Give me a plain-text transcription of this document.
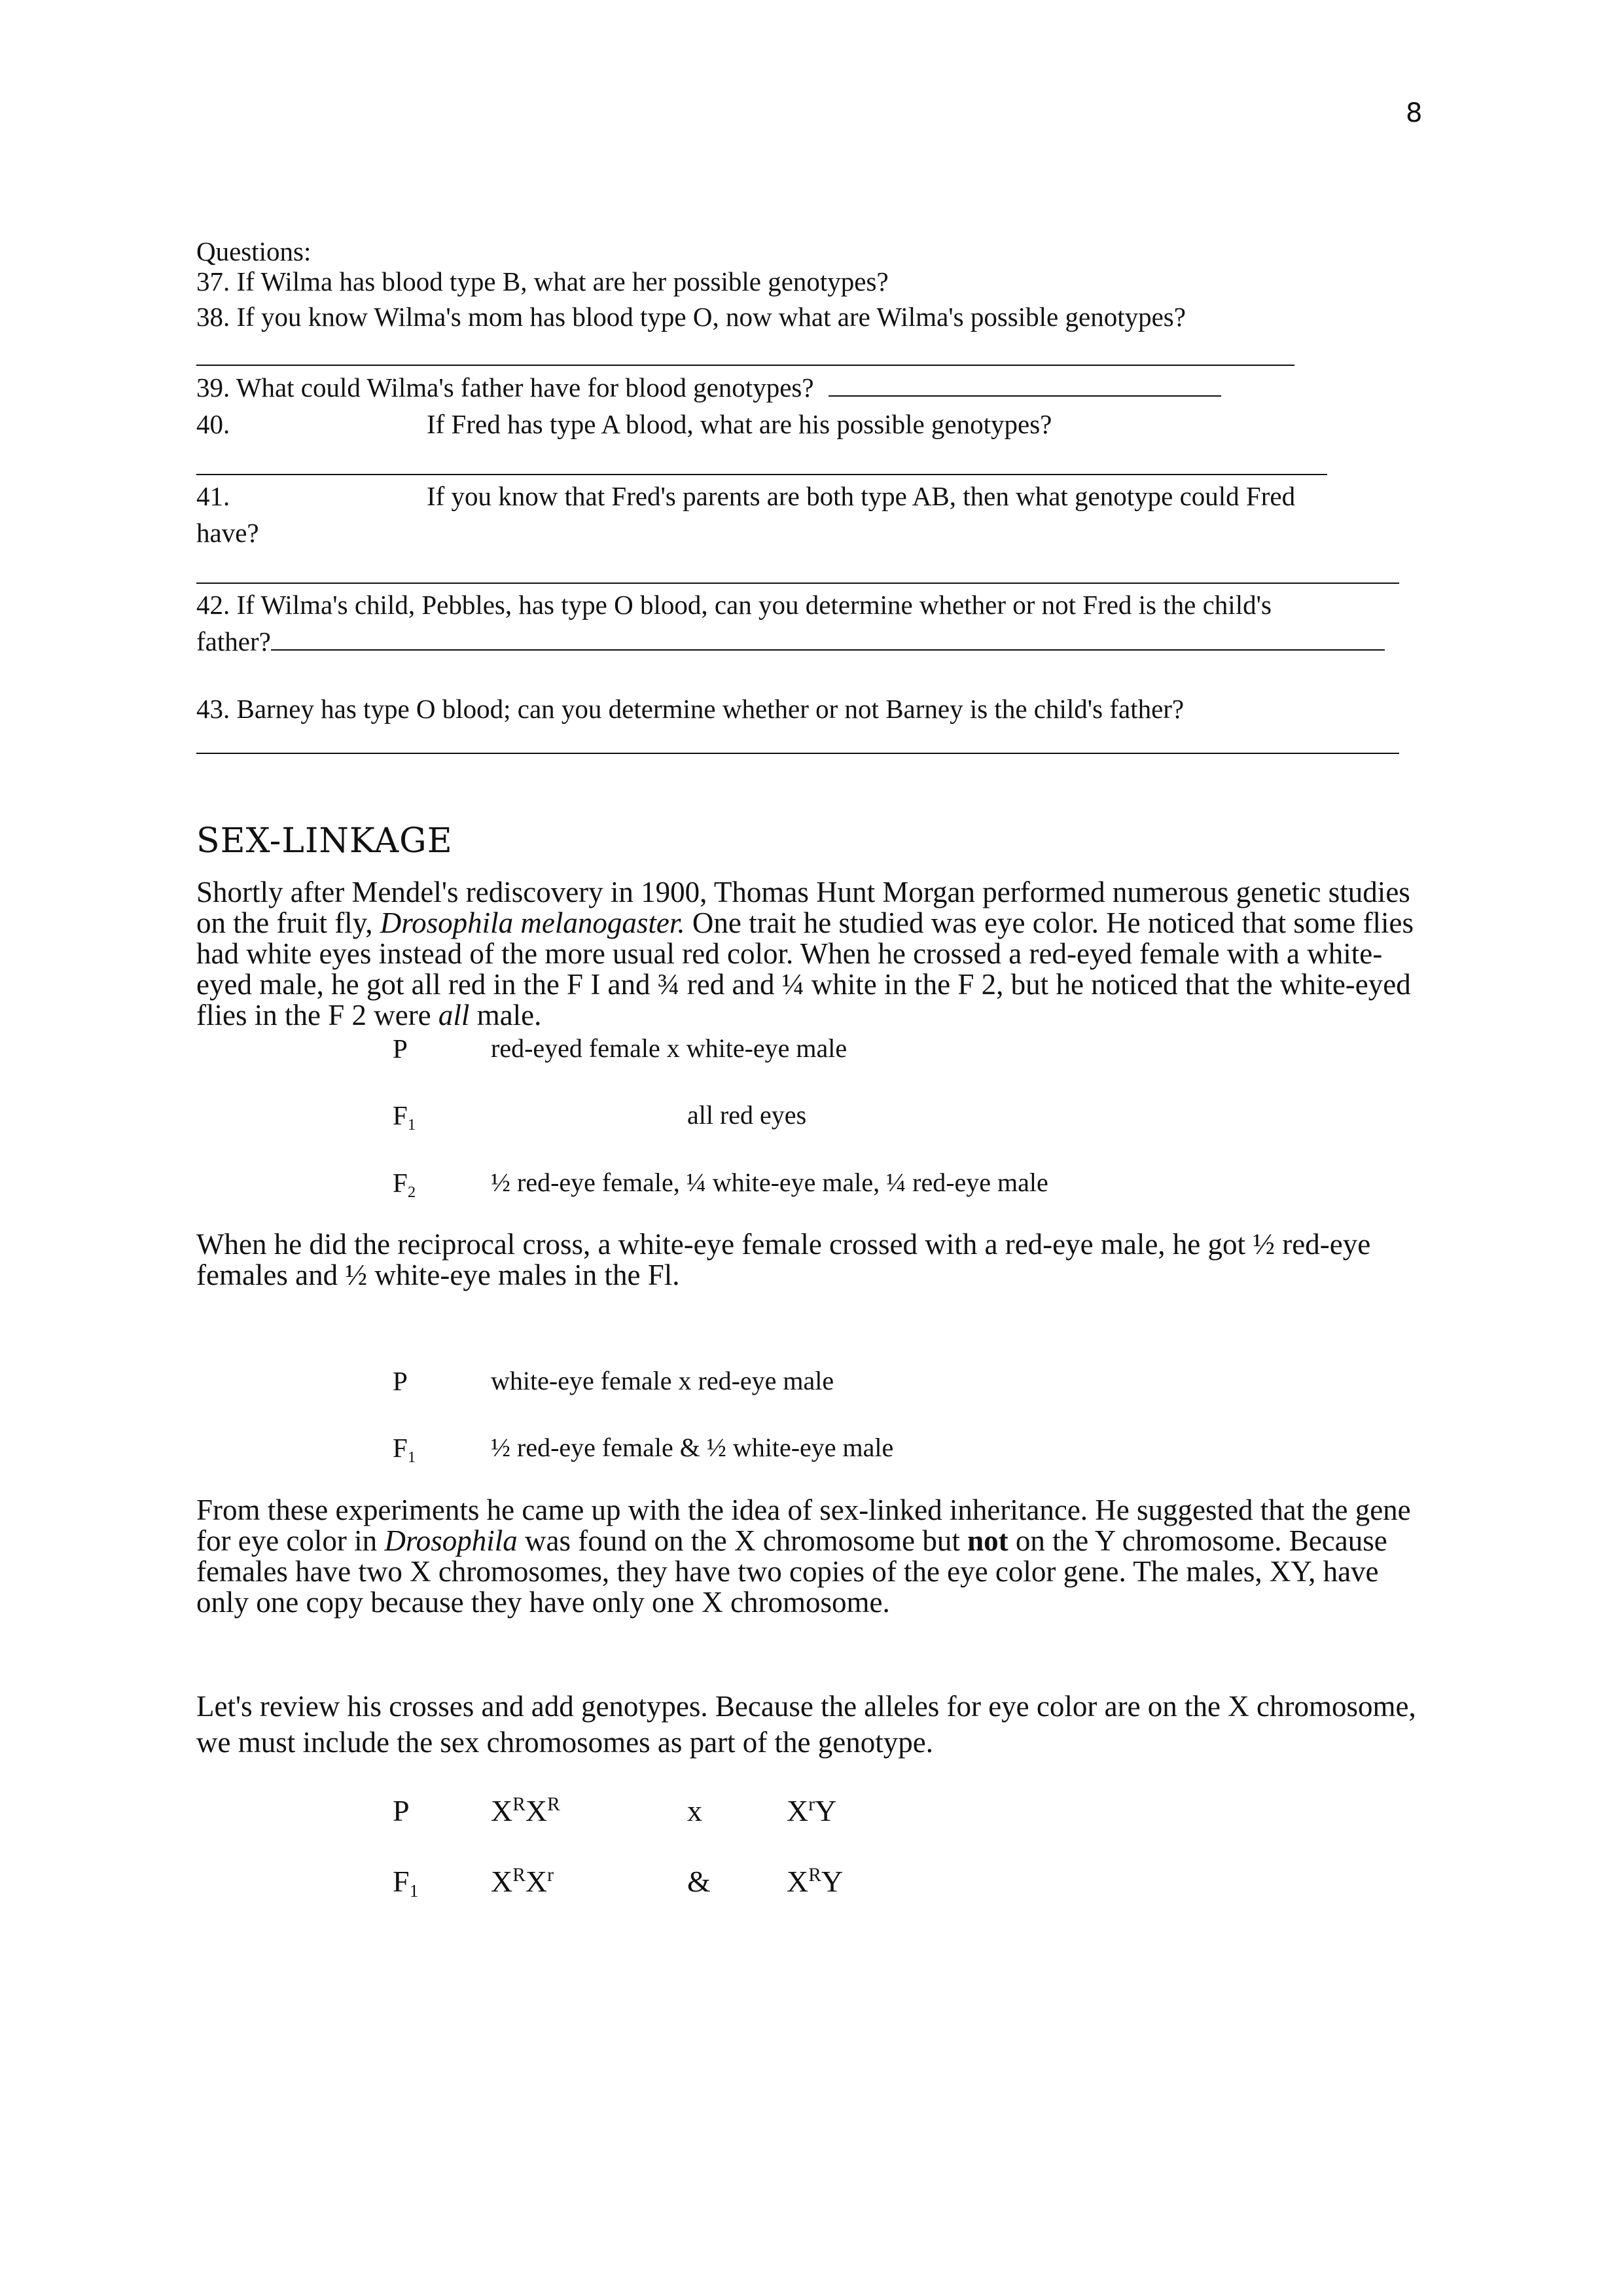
8
Questions:
37. If Wilma has blood type B, what are her possible genotypes?
38. If you know Wilma's mom has blood type O, now what are Wilma's possible genotypes?
39. What could Wilma's father have for blood genotypes?
40.	If Fred has type A blood, what are his possible genotypes?
41.	If you know that Fred's parents are both type AB, then what genotype could Fred
have?
42. If Wilma's child, Pebbles, has type O blood, can you determine whether or not Fred is the child's
father?
43. Barney has type O blood; can you determine whether or not Barney is the child's father?
SEX-LINKAGE
Shortly after Mendel's rediscovery in 1900, Thomas Hunt Morgan performed numerous genetic studies on the fruit fly, Drosophila melanogaster. One trait he studied was eye color. He noticed that some flies had white eyes instead of the more usual red color. When he crossed a red-eyed female with a white-eyed male, he got all red in the F I and ¾ red and ¼ white in the F 2, but he noticed that the white-eyed flies in the F 2 were all male.
P	red-eyed female x white-eye male
$F_1$	all red eyes
$F_2$	½ red-eye female, ¼ white-eye male, ¼ red-eye male
When he did the reciprocal cross, a white-eye female crossed with a red-eye male, he got ½ red-eye females and ½ white-eye males in the Fl.
P	white-eye female x red-eye male
$F_1$	½ red-eye female & ½ white-eye male
From these experiments he came up with the idea of sex-linked inheritance. He suggested that the gene for eye color in Drosophila was found on the X chromosome but not on the Y chromosome. Because females have two X chromosomes, they have two copies of the eye color gene. The males, XY, have only one copy because they have only one X chromosome.
Let's review his crosses and add genotypes. Because the alleles for eye color are on the X chromosome, we must include the sex chromosomes as part of the genotype.
P	$X^RX^R$	x	$X^rY$
$F_1$ $X^RX^r$	&	$X^RY$
